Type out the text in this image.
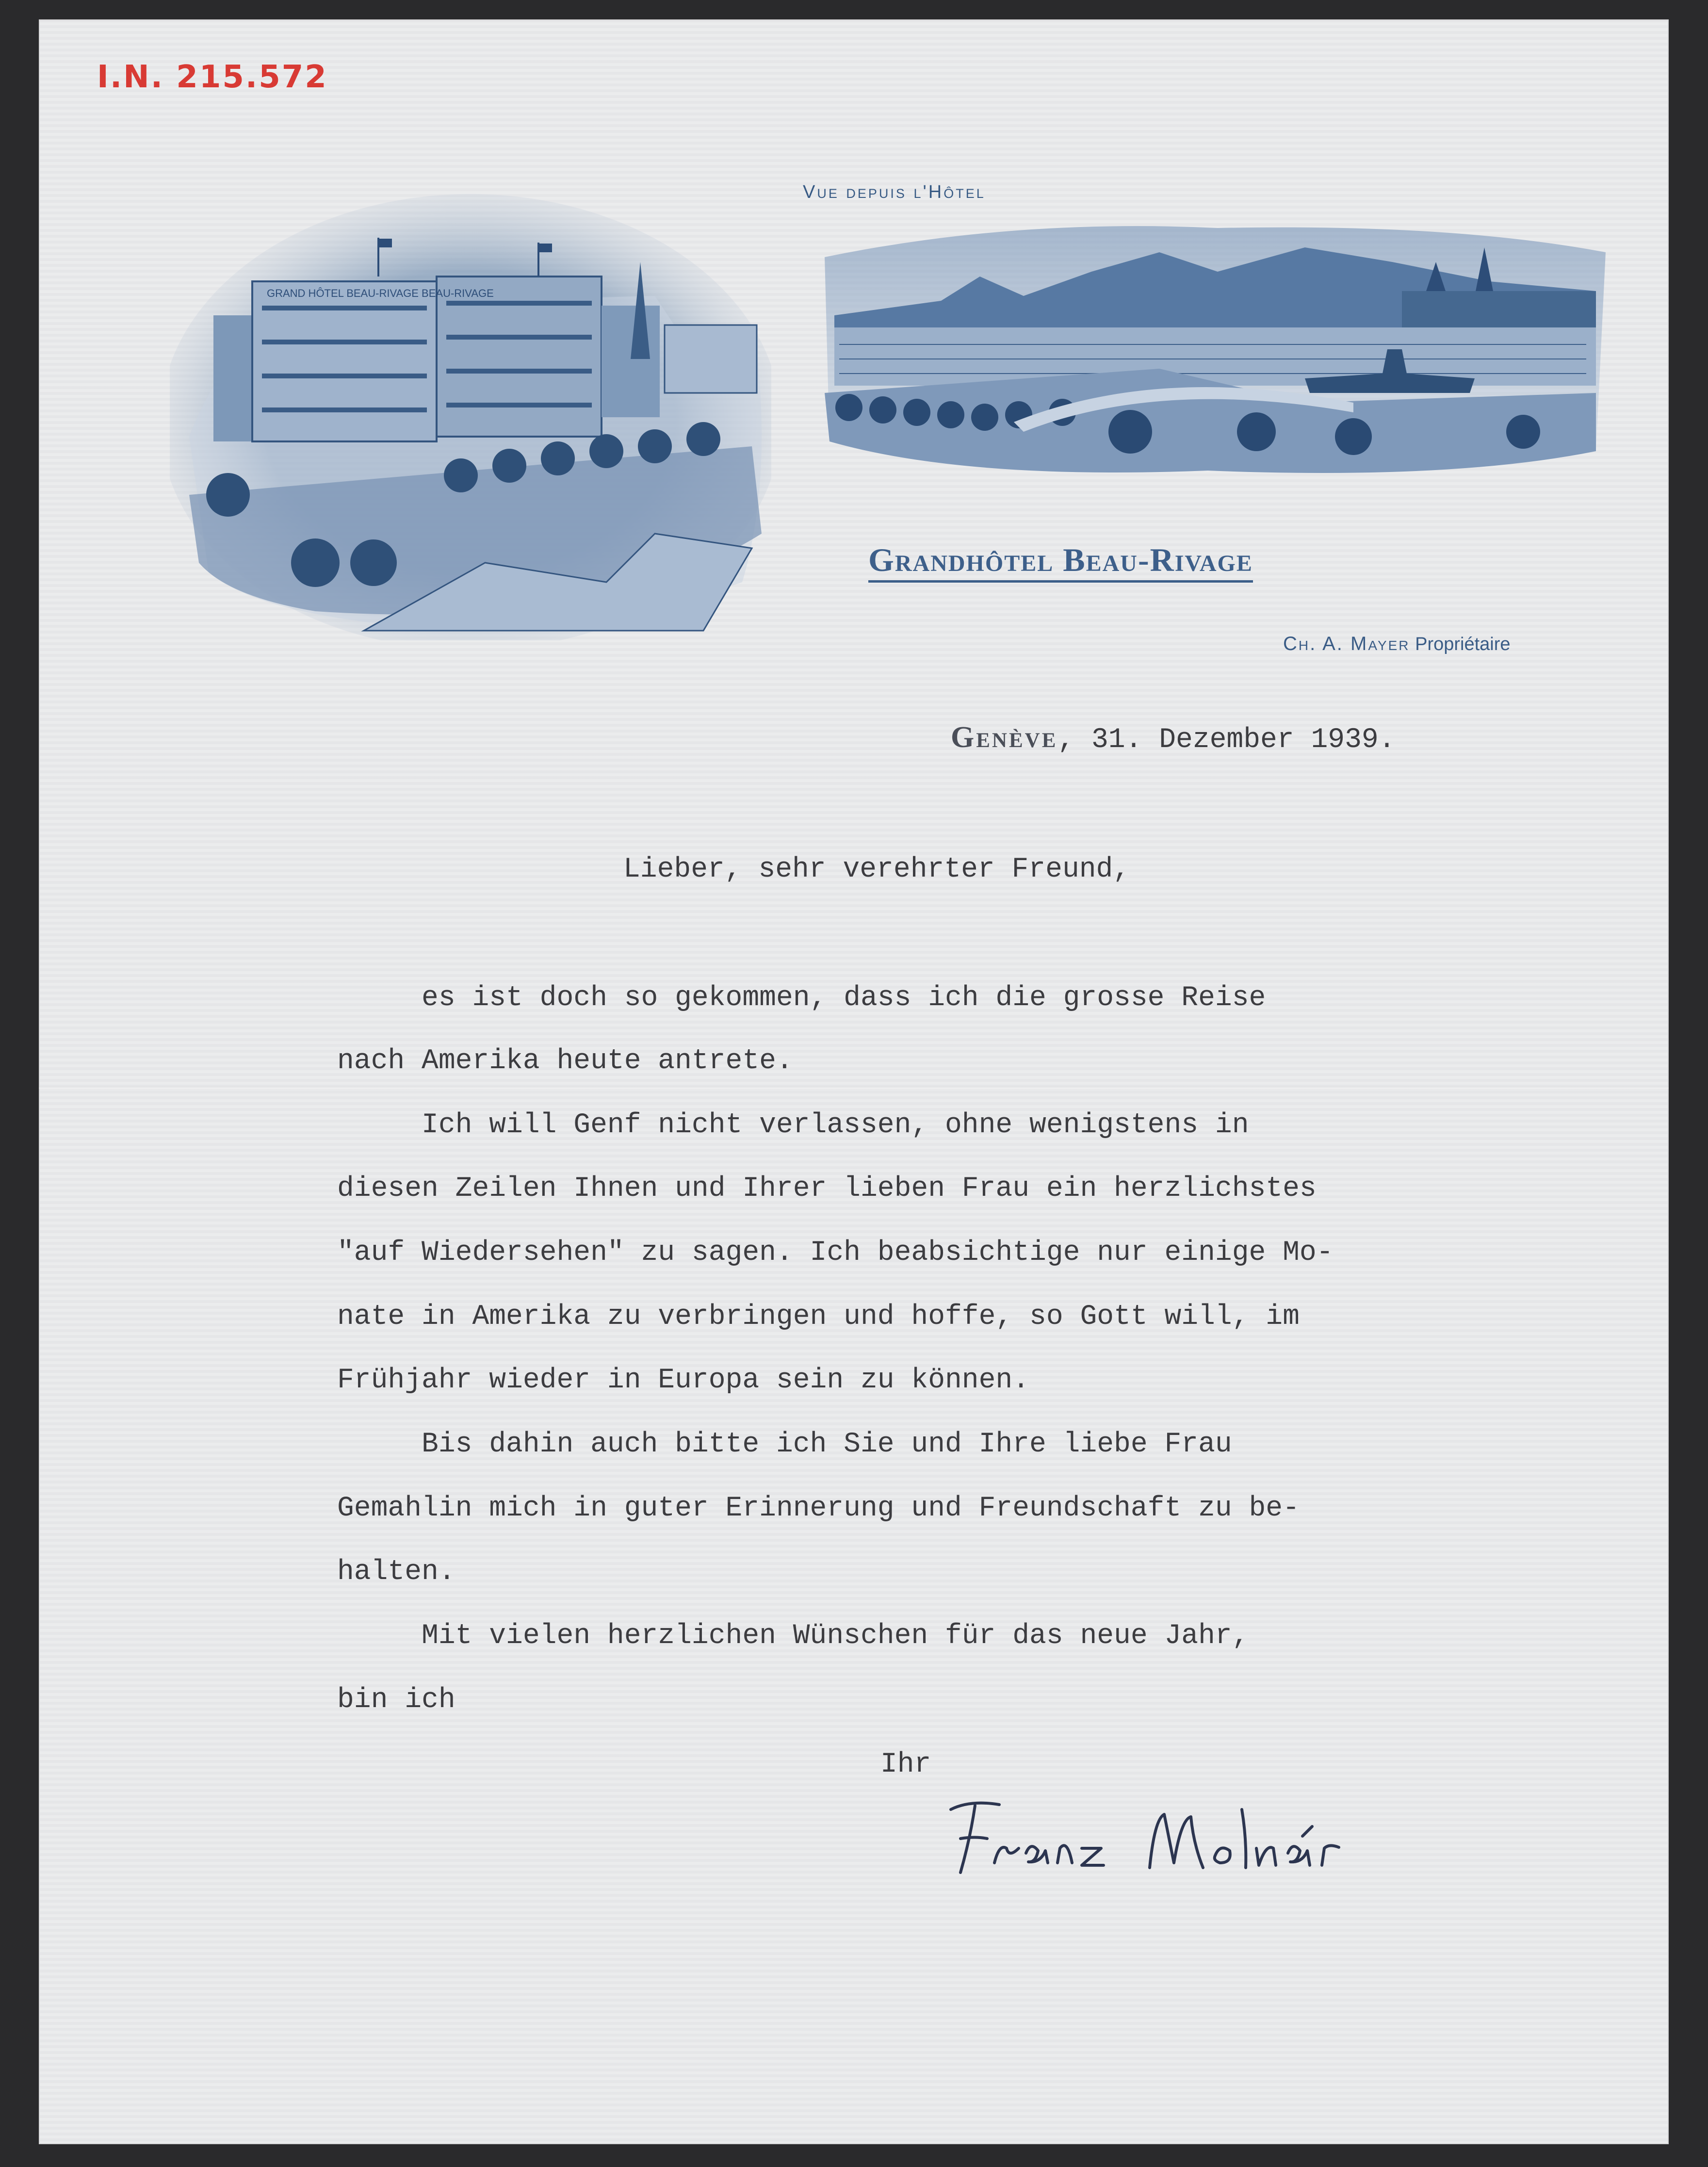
I.N. 215.572
GRAND HÔTEL BEAU-RIVAGE BEAU-RIVAGE
Vue depuis l'Hôtel
Grandhôtel Beau-Rivage
Ch. A. Mayer Propriétaire
Genève, 31. Dezember 1939.
Lieber, sehr verehrter Freund,
es ist doch so gekommen, dass ich die grosse Reise
nach Amerika heute antrete.
Ich will Genf nicht verlassen, ohne wenigstens in
diesen Zeilen Ihnen und Ihrer lieben Frau ein herzlichstes
"auf Wiedersehen" zu sagen. Ich beabsichtige nur einige Mo-
nate in Amerika zu verbringen und hoffe, so Gott will, im
Frühjahr wieder in Europa sein zu können.
Bis dahin auch bitte ich Sie und Ihre liebe Frau
Gemahlin mich in guter Erinnerung und Freundschaft zu be-
halten.
Mit vielen herzlichen Wünschen für das neue Jahr,
bin ich
Ihr
